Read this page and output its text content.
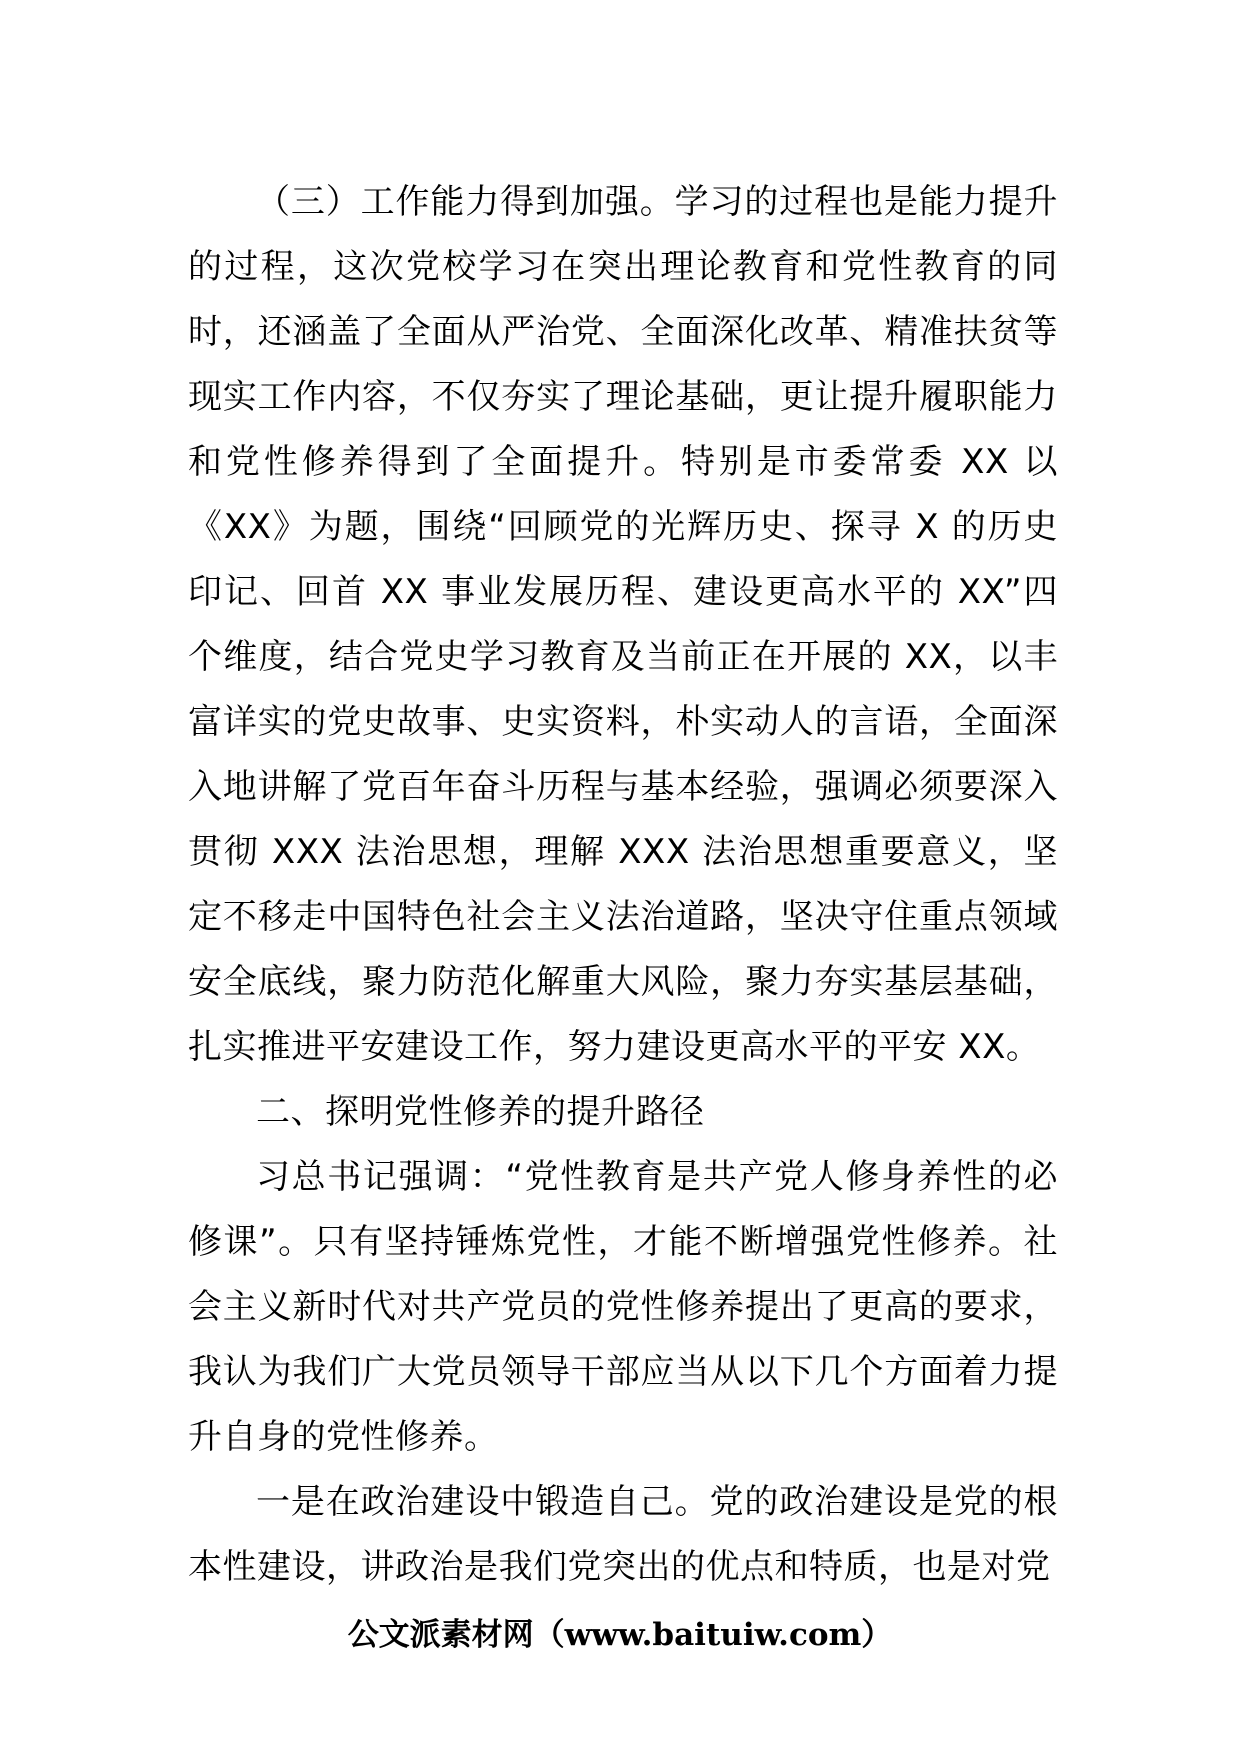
（三）工作能力得到加强。学习的过程也是能力提升的过程，这次党校学习在突出理论教育和党性教育的同时，还涵盖了全面从严治党、全面深化改革、精准扶贫等现实工作内容，不仅夯实了理论基础，更让提升履职能力和党性修养得到了全面提升。特别是市委常委 XX 以《XX》为题，围绕“回顾党的光辉历史、探寻 X 的历史印记、回首 XX 事业发展历程、建设更高水平的 XX”四个维度，结合党史学习教育及当前正在开展的 XX，以丰富详实的党史故事、史实资料，朴实动人的言语，全面深入地讲解了党百年奋斗历程与基本经验，强调必须要深入贯彻 XXX 法治思想，理解 XXX 法治思想重要意义，坚定不移走中国特色社会主义法治道路，坚决守住重点领域安全底线，聚力防范化解重大风险，聚力夯实基层基础，扎实推进平安建设工作，努力建设更高水平的平安 XX。

二、探明党性修养的提升路径

习总书记强调：“党性教育是共产党人修身养性的必修课”。只有坚持锤炼党性，才能不断增强党性修养。社会主义新时代对共产党员的党性修养提出了更高的要求，我认为我们广大党员领导干部应当从以下几个方面着力提升自身的党性修养。

一是在政治建设中锻造自己。党的政治建设是党的根本性建设，讲政治是我们党突出的优点和特质，也是对党

公文派素材网（www.baituiw.com）
